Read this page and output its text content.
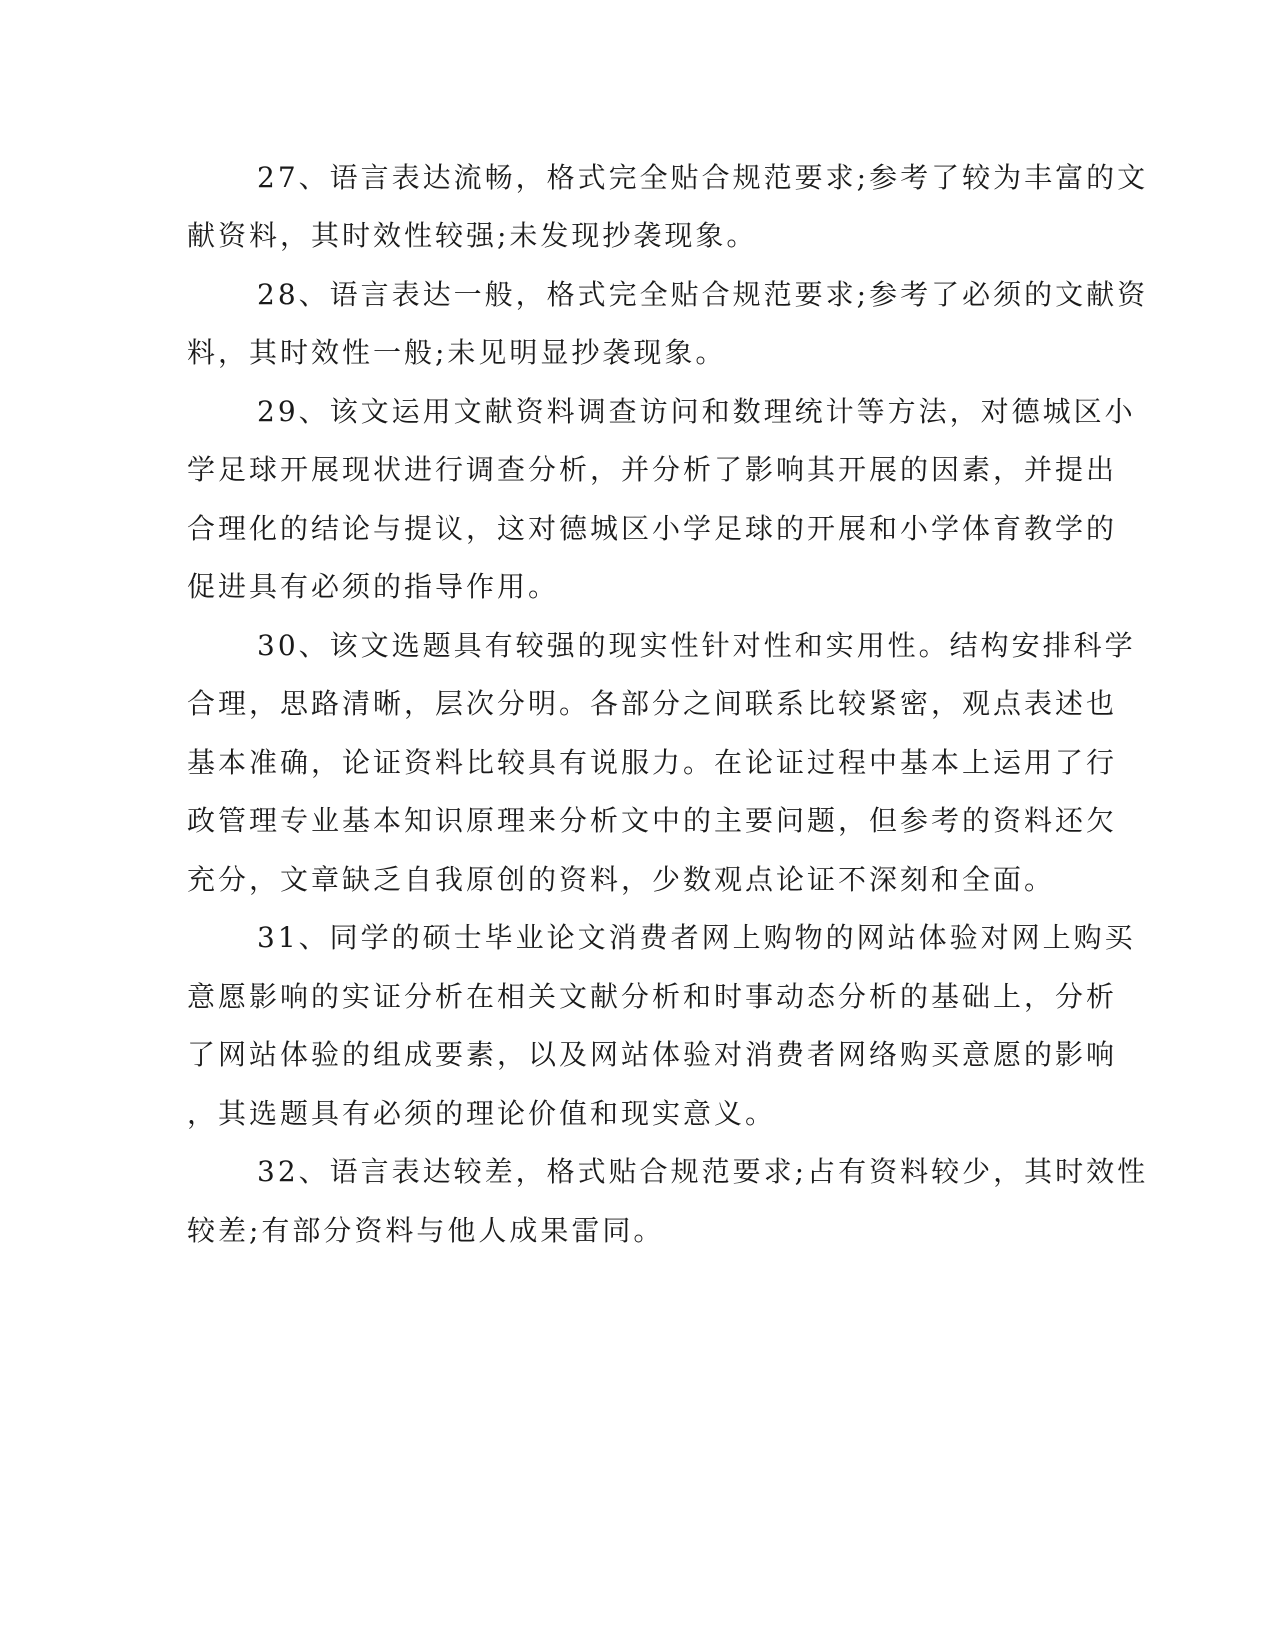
27、语言表达流畅，格式完全贴合规范要求;参考了较为丰富的文
献资料，其时效性较强;未发现抄袭现象。
28、语言表达一般，格式完全贴合规范要求;参考了必须的文献资
料，其时效性一般;未见明显抄袭现象。
29、该文运用文献资料调查访问和数理统计等方法，对德城区小
学足球开展现状进行调查分析，并分析了影响其开展的因素，并提出
合理化的结论与提议，这对德城区小学足球的开展和小学体育教学的
促进具有必须的指导作用。
30、该文选题具有较强的现实性针对性和实用性。结构安排科学
合理，思路清晰，层次分明。各部分之间联系比较紧密，观点表述也
基本准确，论证资料比较具有说服力。在论证过程中基本上运用了行
政管理专业基本知识原理来分析文中的主要问题，但参考的资料还欠
充分，文章缺乏自我原创的资料，少数观点论证不深刻和全面。
31、同学的硕士毕业论文消费者网上购物的网站体验对网上购买
意愿影响的实证分析在相关文献分析和时事动态分析的基础上，分析
了网站体验的组成要素，以及网站体验对消费者网络购买意愿的影响
，其选题具有必须的理论价值和现实意义。
32、语言表达较差，格式贴合规范要求;占有资料较少，其时效性
较差;有部分资料与他人成果雷同。
